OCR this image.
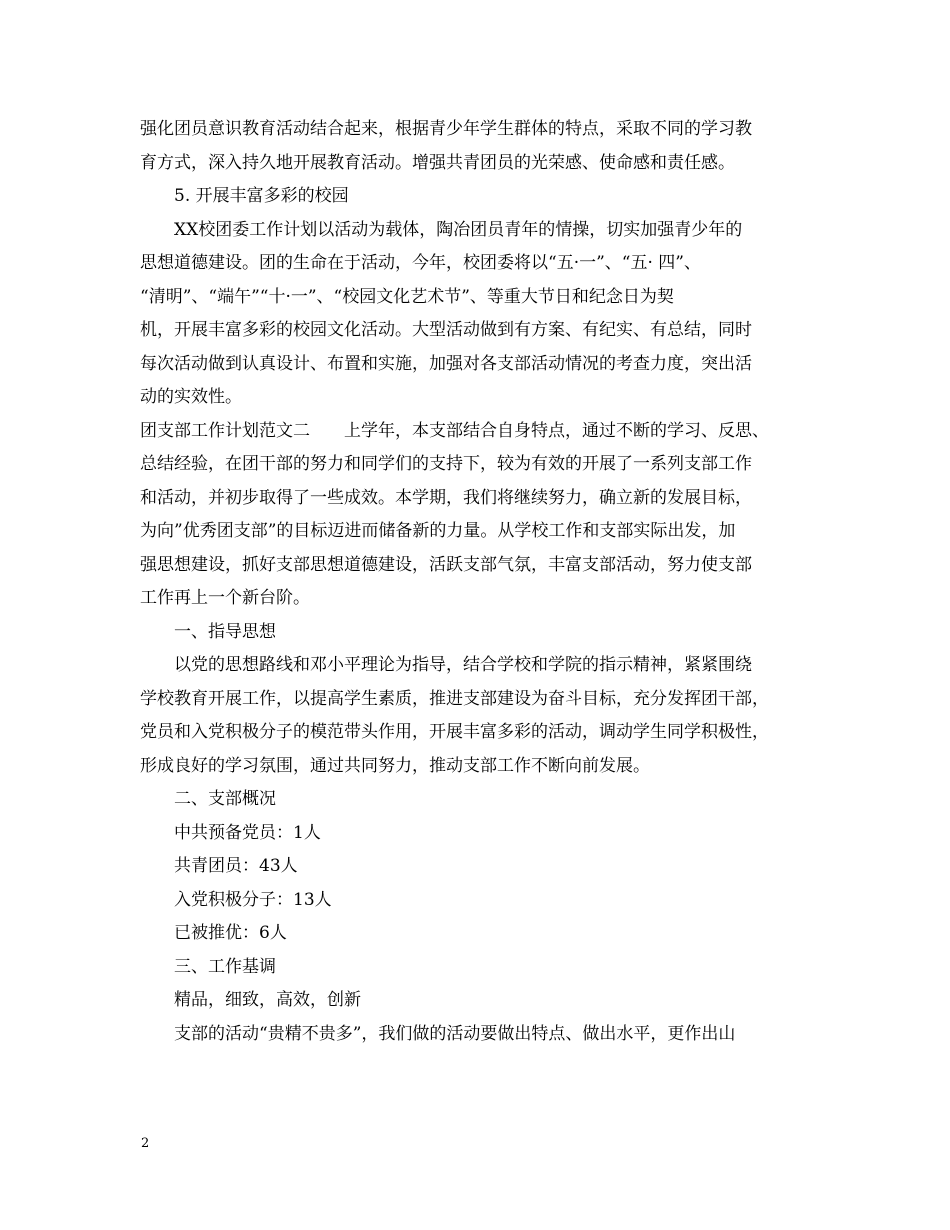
强化团员意识教育活动结合起来，根据青少年学生群体的特点，采取不同的学习教
育方式，深入持久地开展教育活动。增强共青团员的光荣感、使命感和责任感。
5. 开展丰富多彩的校园
XX校团委工作计划以活动为载体，陶冶团员青年的情操，切实加强青少年的
思想道德建设。团的生命在于活动，今年，校团委将以“五·一”、“五· 四”、
“清明”、“端午”“十·一”、“校园文化艺术节”、等重大节日和纪念日为契
机，开展丰富多彩的校园文化活动。大型活动做到有方案、有纪实、有总结，同时
每次活动做到认真设计、布置和实施，加强对各支部活动情况的考查力度，突出活
动的实效性。
团支部工作计划范文二　　上学年，本支部结合自身特点，通过不断的学习、反思、
总结经验，在团干部的努力和同学们的支持下，较为有效的开展了一系列支部工作
和活动，并初步取得了一些成效。本学期，我们将继续努力，确立新的发展目标，
为向”优秀团支部”的目标迈进而储备新的力量。从学校工作和支部实际出发，加
强思想建设，抓好支部思想道德建设，活跃支部气氛，丰富支部活动，努力使支部
工作再上一个新台阶。
一、指导思想
以党的思想路线和邓小平理论为指导，结合学校和学院的指示精神，紧紧围绕
学校教育开展工作，以提高学生素质，推进支部建设为奋斗目标，充分发挥团干部，
党员和入党积极分子的模范带头作用，开展丰富多彩的活动，调动学生同学积极性，
形成良好的学习氛围，通过共同努力，推动支部工作不断向前发展。
二、支部概况
中共预备党员：1人
共青团员：43人
入党积极分子：13人
已被推优：6人
三、工作基调
精品，细致，高效，创新
支部的活动“贵精不贵多”，我们做的活动要做出特点、做出水平，更作出山
2
